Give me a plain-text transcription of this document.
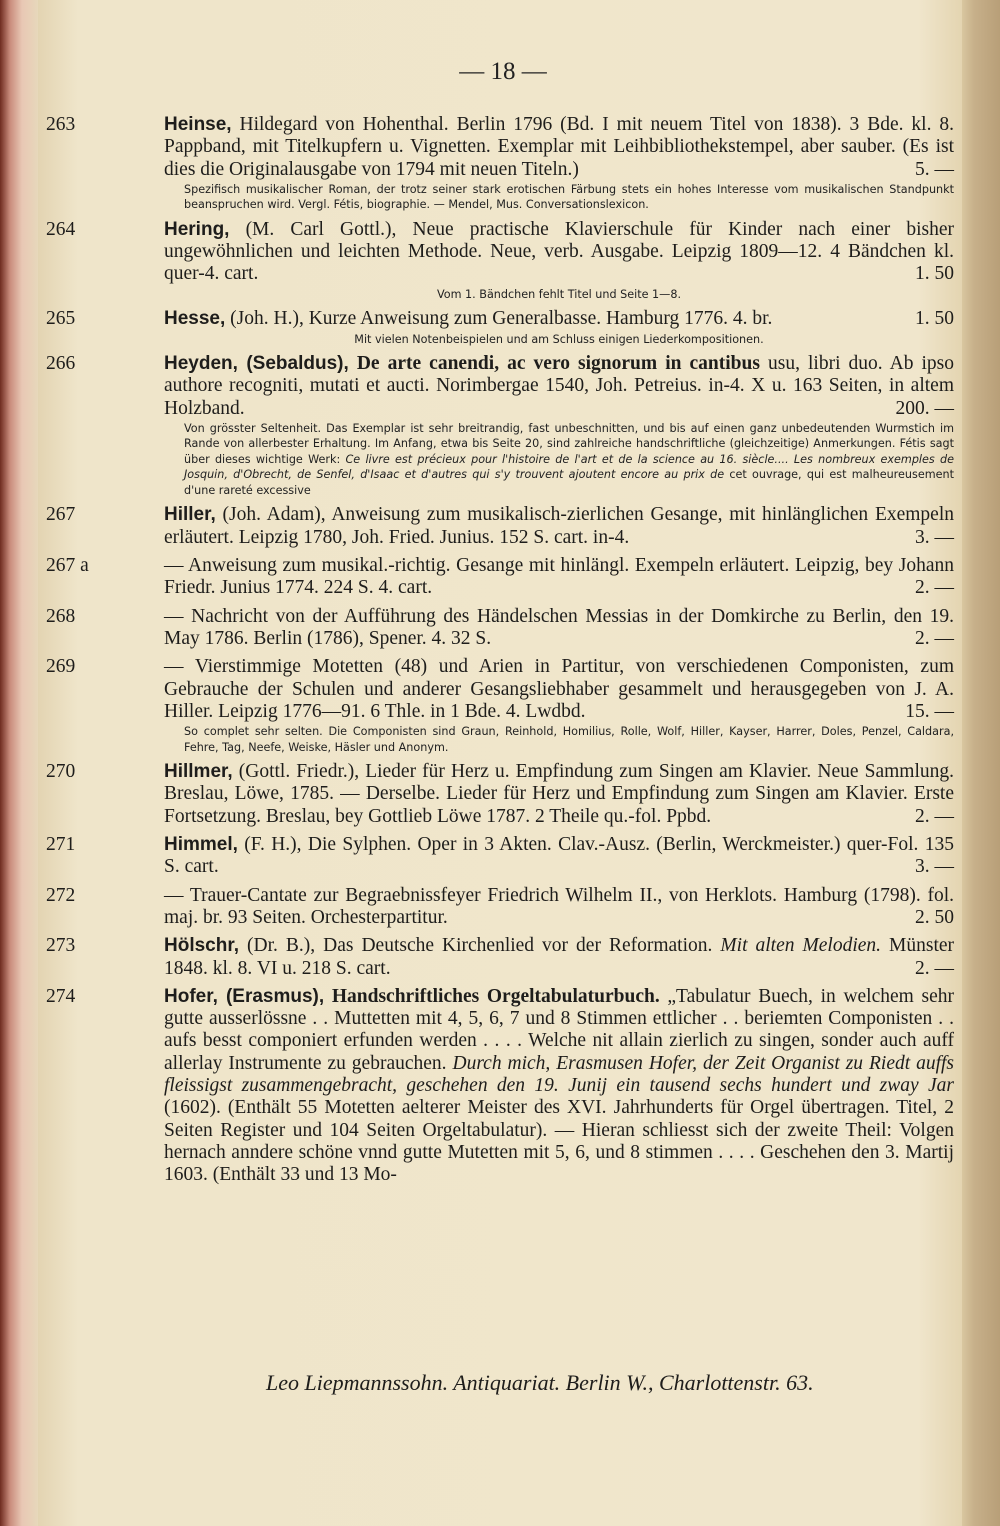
— 18 —
263	Heinse, Hildegard von Hohenthal. Berlin 1796 (Bd. I mit neuem Titel von 1838). 3 Bde. kl. 8. Pappband, mit Titelkupfern u. Vignetten. Exemplar mit Leihbibliothekstempel, aber sauber. (Es ist dies die Originalausgabe von 1794 mit neuen Titeln.)	5. —
Spezifisch musikalischer Roman, der trotz seiner stark erotischen Färbung stets ein hohes Interesse vom musikalischen Standpunkt beanspruchen wird. Vergl. Fétis, biographie. — Mendel, Mus. Conversationslexicon.
264	Hering, (M. Carl Gottl.), Neue practische Klavierschule für Kinder nach einer bisher ungewöhnlichen und leichten Methode. Neue, verb. Ausgabe. Leipzig 1809—12. 4 Bändchen kl. quer-4. cart.	1. 50
Vom 1. Bändchen fehlt Titel und Seite 1—8.
265	Hesse, (Joh. H.), Kurze Anweisung zum Generalbasse. Hamburg 1776. 4. br.	1. 50
Mit vielen Notenbeispielen und am Schluss einigen Liederkompositionen.
266	Heyden, (Sebaldus), De arte canendi, ac vero signorum in cantibus usu, libri duo. Ab ipso authore recogniti, mutati et aucti. Norimbergae 1540, Joh. Petreius. in-4. X u. 163 Seiten, in altem Holzband.	200. —
Von grösster Seltenheit. Das Exemplar ist sehr breitrandig, fast unbeschnitten, und bis auf einen ganz unbedeutenden Wurmstich im Rande von allerbester Erhaltung. Im Anfang, etwa bis Seite 20, sind zahlreiche handschriftliche (gleichzeitige) Anmerkungen. Fétis sagt über dieses wichtige Werk: Ce livre est précieux pour l'histoire de l'art et de la science au 16. siècle.... Les nombreux exemples de Josquin, d'Obrecht, de Senfel, d'Isaac et d'autres qui s'y trouvent ajoutent encore au prix de cet ouvrage, qui est malheureusement d'une rareté excessive
267	Hiller, (Joh. Adam), Anweisung zum musikalisch-zierlichen Gesange, mit hinlänglichen Exempeln erläutert. Leipzig 1780, Joh. Fried. Junius. 152 S. cart. in-4.	3. —
267 a	— Anweisung zum musikal.-richtig. Gesange mit hinlängl. Exempeln erläutert. Leipzig, bey Johann Friedr. Junius 1774. 224 S. 4. cart.	2. —
268	— Nachricht von der Aufführung des Händelschen Messias in der Domkirche zu Berlin, den 19. May 1786. Berlin (1786), Spener. 4. 32 S.	2. —
269	— Vierstimmige Motetten (48) und Arien in Partitur, von verschiedenen Componisten, zum Gebrauche der Schulen und anderer Gesangsliebhaber gesammelt und herausgegeben von J. A. Hiller. Leipzig 1776—91. 6 Thle. in 1 Bde. 4. Lwdbd.	15. —
So complet sehr selten. Die Componisten sind Graun, Reinhold, Homilius, Rolle, Wolf, Hiller, Kayser, Harrer, Doles, Penzel, Caldara, Fehre, Tag, Neefe, Weiske, Häsler und Anonym.
270	Hillmer, (Gottl. Friedr.), Lieder für Herz u. Empfindung zum Singen am Klavier. Neue Sammlung. Breslau, Löwe, 1785. — Derselbe. Lieder für Herz und Empfindung zum Singen am Klavier. Erste Fortsetzung. Breslau, bey Gottlieb Löwe 1787. 2 Theile qu.-fol. Ppbd.	2. —
271	Himmel, (F. H.), Die Sylphen. Oper in 3 Akten. Clav.-Ausz. (Berlin, Werckmeister.) quer-Fol. 135 S. cart.	3. —
272	— Trauer-Cantate zur Begraebnissfeyer Friedrich Wilhelm II., von Herklots. Hamburg (1798). fol. maj. br. 93 Seiten. Orchesterpartitur.	2. 50
273	Hölschr, (Dr. B.), Das Deutsche Kirchenlied vor der Reformation. Mit alten Melodien. Münster 1848. kl. 8. VI u. 218 S. cart.	2. —
274	Hofer, (Erasmus), Handschriftliches Orgeltabulaturbuch. „Tabulatur Buech, in welchem sehr gutte ausserlössne . . Muttetten mit 4, 5, 6, 7 und 8 Stimmen ettlicher . . beriemten Componisten . . aufs besst componiert erfunden werden . . . . Welche nit allain zierlich zu singen, sonder auch auff allerlay Instrumente zu gebrauchen. Durch mich, Erasmusen Hofer, der Zeit Organist zu Riedt auffs fleissigst zusammengebracht, geschehen den 19. Junij ein tausend sechs hundert und zway Jar (1602). (Enthält 55 Motetten aelterer Meister des XVI. Jahrhunderts für Orgel übertragen. Titel, 2 Seiten Register und 104 Seiten Orgeltabulatur). — Hieran schliesst sich der zweite Theil: Volgen hernach anndere schöne vnnd gutte Mutetten mit 5, 6, und 8 stimmen . . . . Geschehen den 3. Martij 1603. (Enthält 33 und 13 Mo-
Leo Liepmannssohn. Antiquariat. Berlin W., Charlottenstr. 63.
